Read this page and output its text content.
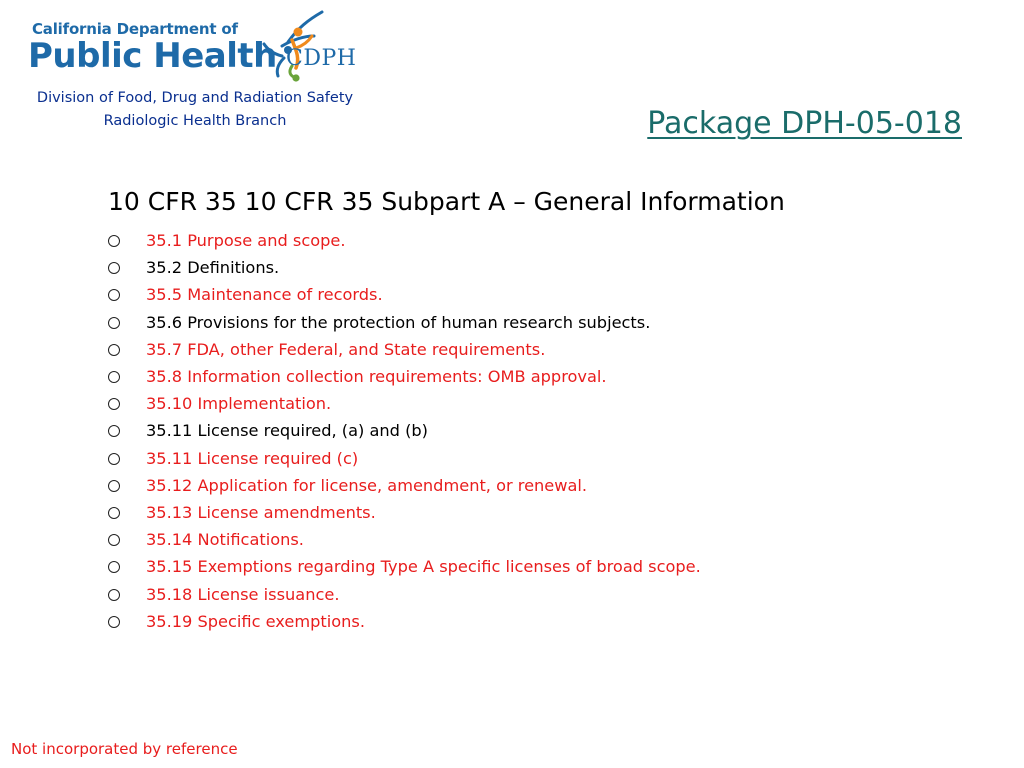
California Department of
Public Health CDPH
Division of Food, Drug and Radiation Safety
Radiologic Health Branch	Package DPH-05-018
10 CFR 35 10 CFR 35 Subpart A – General Information
35.1 Purpose and scope.
35.2 Definitions.
35.5 Maintenance of records.
35.6 Provisions for the protection of human research subjects.
35.7 FDA, other Federal, and State requirements.
35.8 Information collection requirements: OMB approval.
35.10 Implementation.
35.11 License required, (a) and (b)
35.11 License required (c)
35.12 Application for license, amendment, or renewal.
35.13 License amendments.
35.14 Notifications.
35.15 Exemptions regarding Type A specific licenses of broad scope.
35.18 License issuance.
35.19 Specific exemptions.
Not incorporated by reference
